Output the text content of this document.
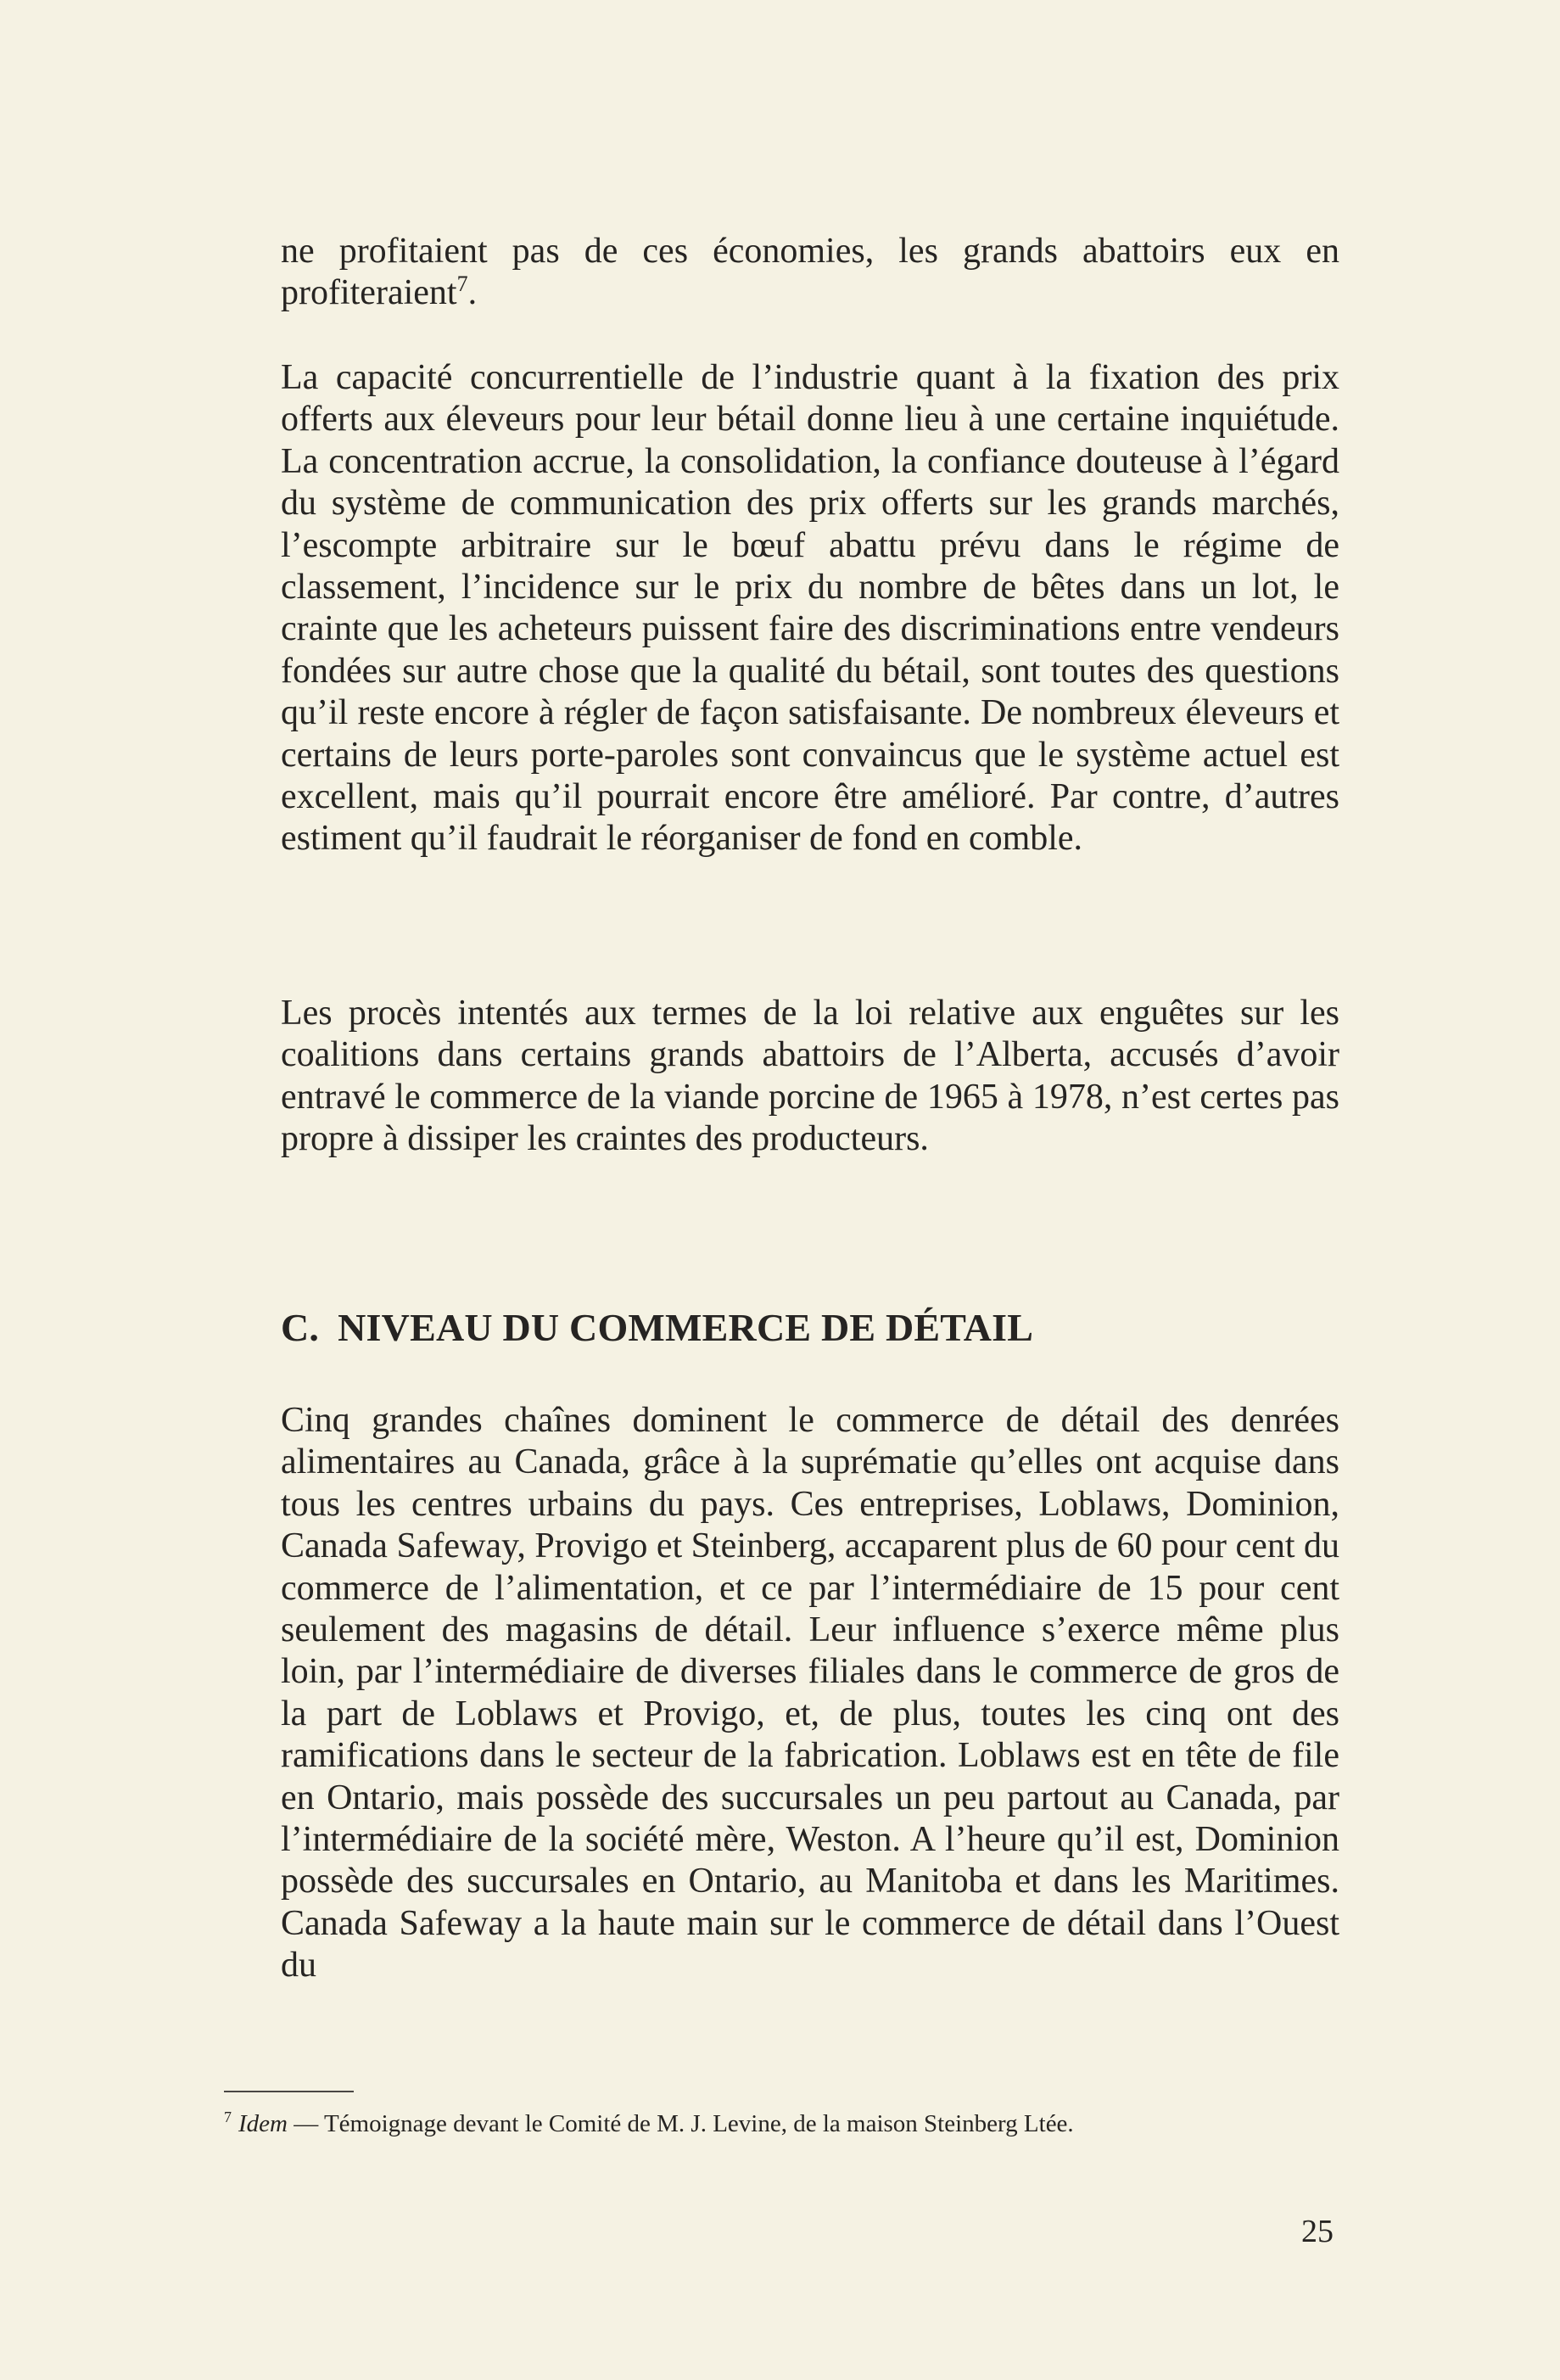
ne profitaient pas de ces économies, les grands abattoirs eux en profiteraient$^7$.

La capacité concurrentielle de l’industrie quant à la fixation des prix offerts aux éleveurs pour leur bétail donne lieu à une certaine inquiétude. La concentration accrue, la consolidation, la confiance douteuse à l’égard du système de communication des prix offerts sur les grands marchés, l’escompte arbitraire sur le bœuf abattu prévu dans le régime de classement, l’incidence sur le prix du nombre de bêtes dans un lot, le crainte que les acheteurs puissent faire des discriminations entre vendeurs fondées sur autre chose que la qualité du bétail, sont toutes des questions qu’il reste encore à régler de façon satisfaisante. De nombreux éleveurs et certains de leurs porte-paroles sont convaincus que le système actuel est excellent, mais qu’il pourrait encore être amélioré. Par contre, d’autres estiment qu’il faudrait le réorganiser de fond en comble.

Les procès intentés aux termes de la loi relative aux enguêtes sur les coalitions dans certains grands abattoirs de l’Alberta, accusés d’avoir entravé le commerce de la viande porcine de 1965 à 1978, n’est certes pas propre à dissiper les craintes des producteurs.

C. NIVEAU DU COMMERCE DE DÉTAIL

Cinq grandes chaînes dominent le commerce de détail des denrées alimentaires au Canada, grâce à la suprématie qu’elles ont acquise dans tous les centres urbains du pays. Ces entreprises, Loblaws, Dominion, Canada Safeway, Provigo et Steinberg, accaparent plus de 60 pour cent du commerce de l’alimentation, et ce par l’intermédiaire de 15 pour cent seulement des magasins de détail. Leur influence s’exerce même plus loin, par l’intermédiaire de diverses filiales dans le commerce de gros de la part de Loblaws et Provigo, et, de plus, toutes les cinq ont des ramifications dans le secteur de la fabrication. Loblaws est en tête de file en Ontario, mais possède des succursales un peu partout au Canada, par l’intermédiaire de la société mère, Weston. A l’heure qu’il est, Dominion possède des succursales en Ontario, au Manitoba et dans les Maritimes. Canada Safeway a la haute main sur le commerce de détail dans l’Ouest du

$^7$ Idem — Témoignage devant le Comité de M. J. Levine, de la maison Steinberg Ltée.

25
